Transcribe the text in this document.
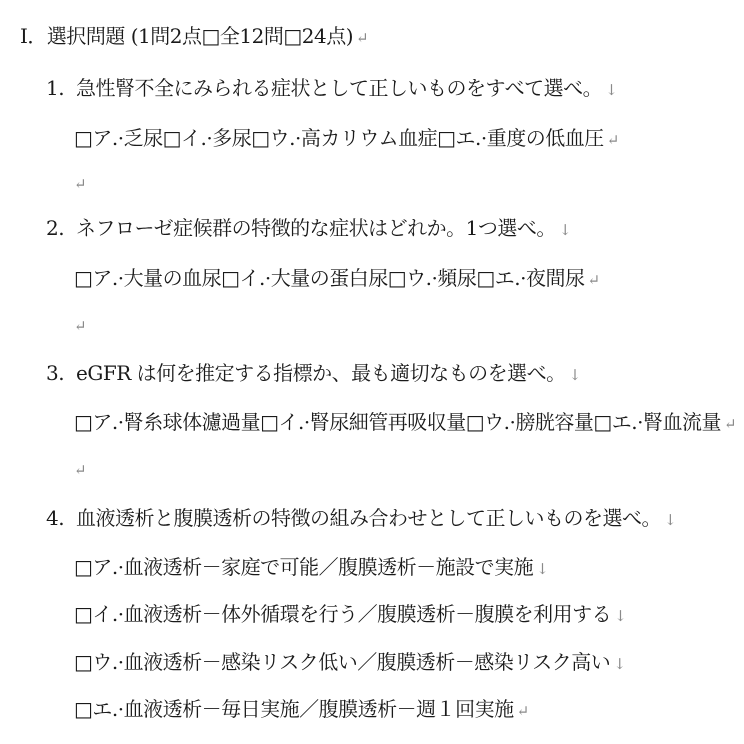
Ⅰ．選択問題 (1問2点□全12問□24点) ↵
1. 急性腎不全にみられる症状として正しいものをすべて選べ。 ↓
□ア.·乏尿□イ.·多尿□ウ.·高カリウム血症□エ.·重度の低血圧 ↵
↵
2. ネフローゼ症候群の特徴的な症状はどれか。1つ選べ。 ↓
□ア.·大量の血尿□イ.·大量の蛋白尿□ウ.·頻尿□エ.·夜間尿 ↵
↵
3. eGFR は何を推定する指標か、最も適切なものを選べ。 ↓
□ア.·腎糸球体濾過量□イ.·腎尿細管再吸収量□ウ.·膀胱容量□エ.·腎血流量 ↵
↵
4. 血液透析と腹膜透析の特徴の組み合わせとして正しいものを選べ。 ↓
□ア.·血液透析－家庭で可能／腹膜透析－施設で実施 ↓
□イ.·血液透析－体外循環を行う／腹膜透析－腹膜を利用する ↓
□ウ.·血液透析－感染リスク低い／腹膜透析－感染リスク高い ↓
□エ.·血液透析－毎日実施／腹膜透析－週１回実施 ↵
